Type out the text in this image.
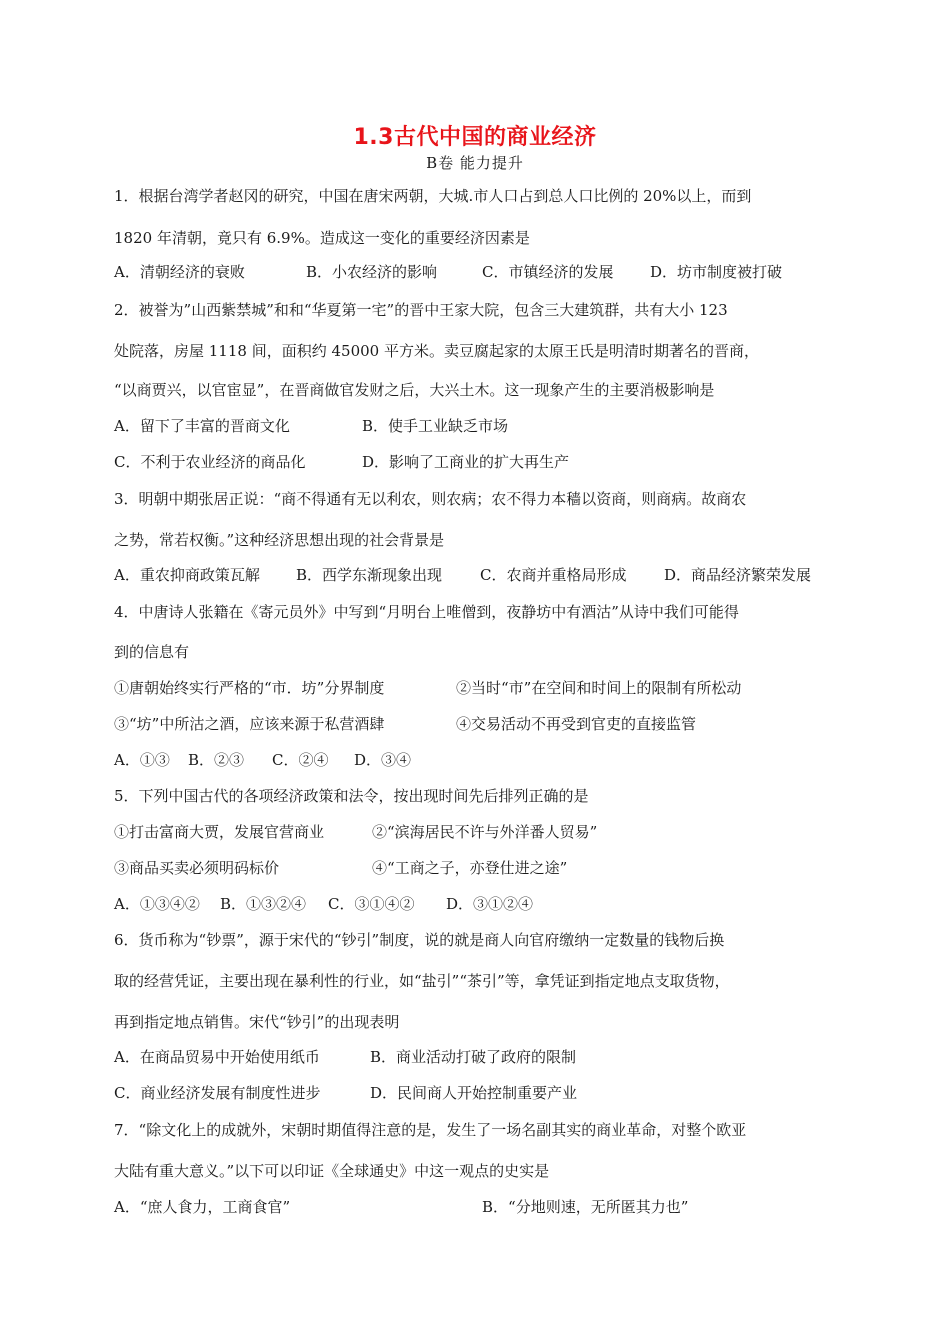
1.3古代中国的商业经济
B卷 能力提升
1．根据台湾学者赵冈的研究，中国在唐宋两朝，大城.市人口占到总人口比例的 20%以上，而到
1820 年清朝，竟只有 6.9%。造成这一变化的重要经济因素是
A．清朝经济的衰败	B．小农经济的影响	C．市镇经济的发展 D．坊市制度被打破
2．被誉为”山西紫禁城”和和“华夏第一宅”的晋中王家大院，包含三大建筑群，共有大小 123
处院落，房屋 1118 间，面积约 45000 平方米。卖豆腐起家的太原王氏是明清时期著名的晋商，
“以商贾兴，以官宦显”，在晋商做官发财之后，大兴土木。这一现象产生的主要消极影响是
A．留下了丰富的晋商文化	B．使手工业缺乏市场
C．不利于农业经济的商品化	D．影响了工商业的扩大再生产
3．明朝中期张居正说：“商不得通有无以利农，则农病；农不得力本穑以资商，则商病。故商农
之势，常若权衡。”这种经济思想出现的社会背景是
A．重农抑商政策瓦解 B．西学东渐现象出现	C．农商并重格局形成	D．商品经济繁荣发展
4．中唐诗人张籍在《寄元员外》中写到“月明台上唯僧到，夜静坊中有酒沽”从诗中我们可能得
到的信息有
①唐朝始终实行严格的“市．坊”分界制度	②当时“市”在空间和时间上的限制有所松动
③“坊”中所沽之酒，应该来源于私营酒肆	④交易活动不再受到官吏的直接监管
A．①③ B．②③ C．②④ D．③④
5．下列中国古代的各项经济政策和法令，按出现时间先后排列正确的是
①打击富商大贾，发展官营商业	②“滨海居民不许与外洋番人贸易”
③商品买卖必须明码标价	④“工商之子，亦登仕进之途”
A．①③④② B．①③②④ C．③①④② D．③①②④
6．货币称为“钞票”，源于宋代的“钞引”制度，说的就是商人向官府缴纳一定数量的钱物后换
取的经营凭证，主要出现在暴利性的行业，如“盐引”“茶引”等，拿凭证到指定地点支取货物，
再到指定地点销售。宋代“钞引”的出现表明
A．在商品贸易中开始使用纸币	B．商业活动打破了政府的限制
C．商业经济发展有制度性进步	D．民间商人开始控制重要产业
7．“除文化上的成就外，宋朝时期值得注意的是，发生了一场名副其实的商业革命，对整个欧亚
大陆有重大意义。”以下可以印证《全球通史》中这一观点的史实是
A．“庶人食力，工商食官”	B．“分地则速，无所匿其力也”
